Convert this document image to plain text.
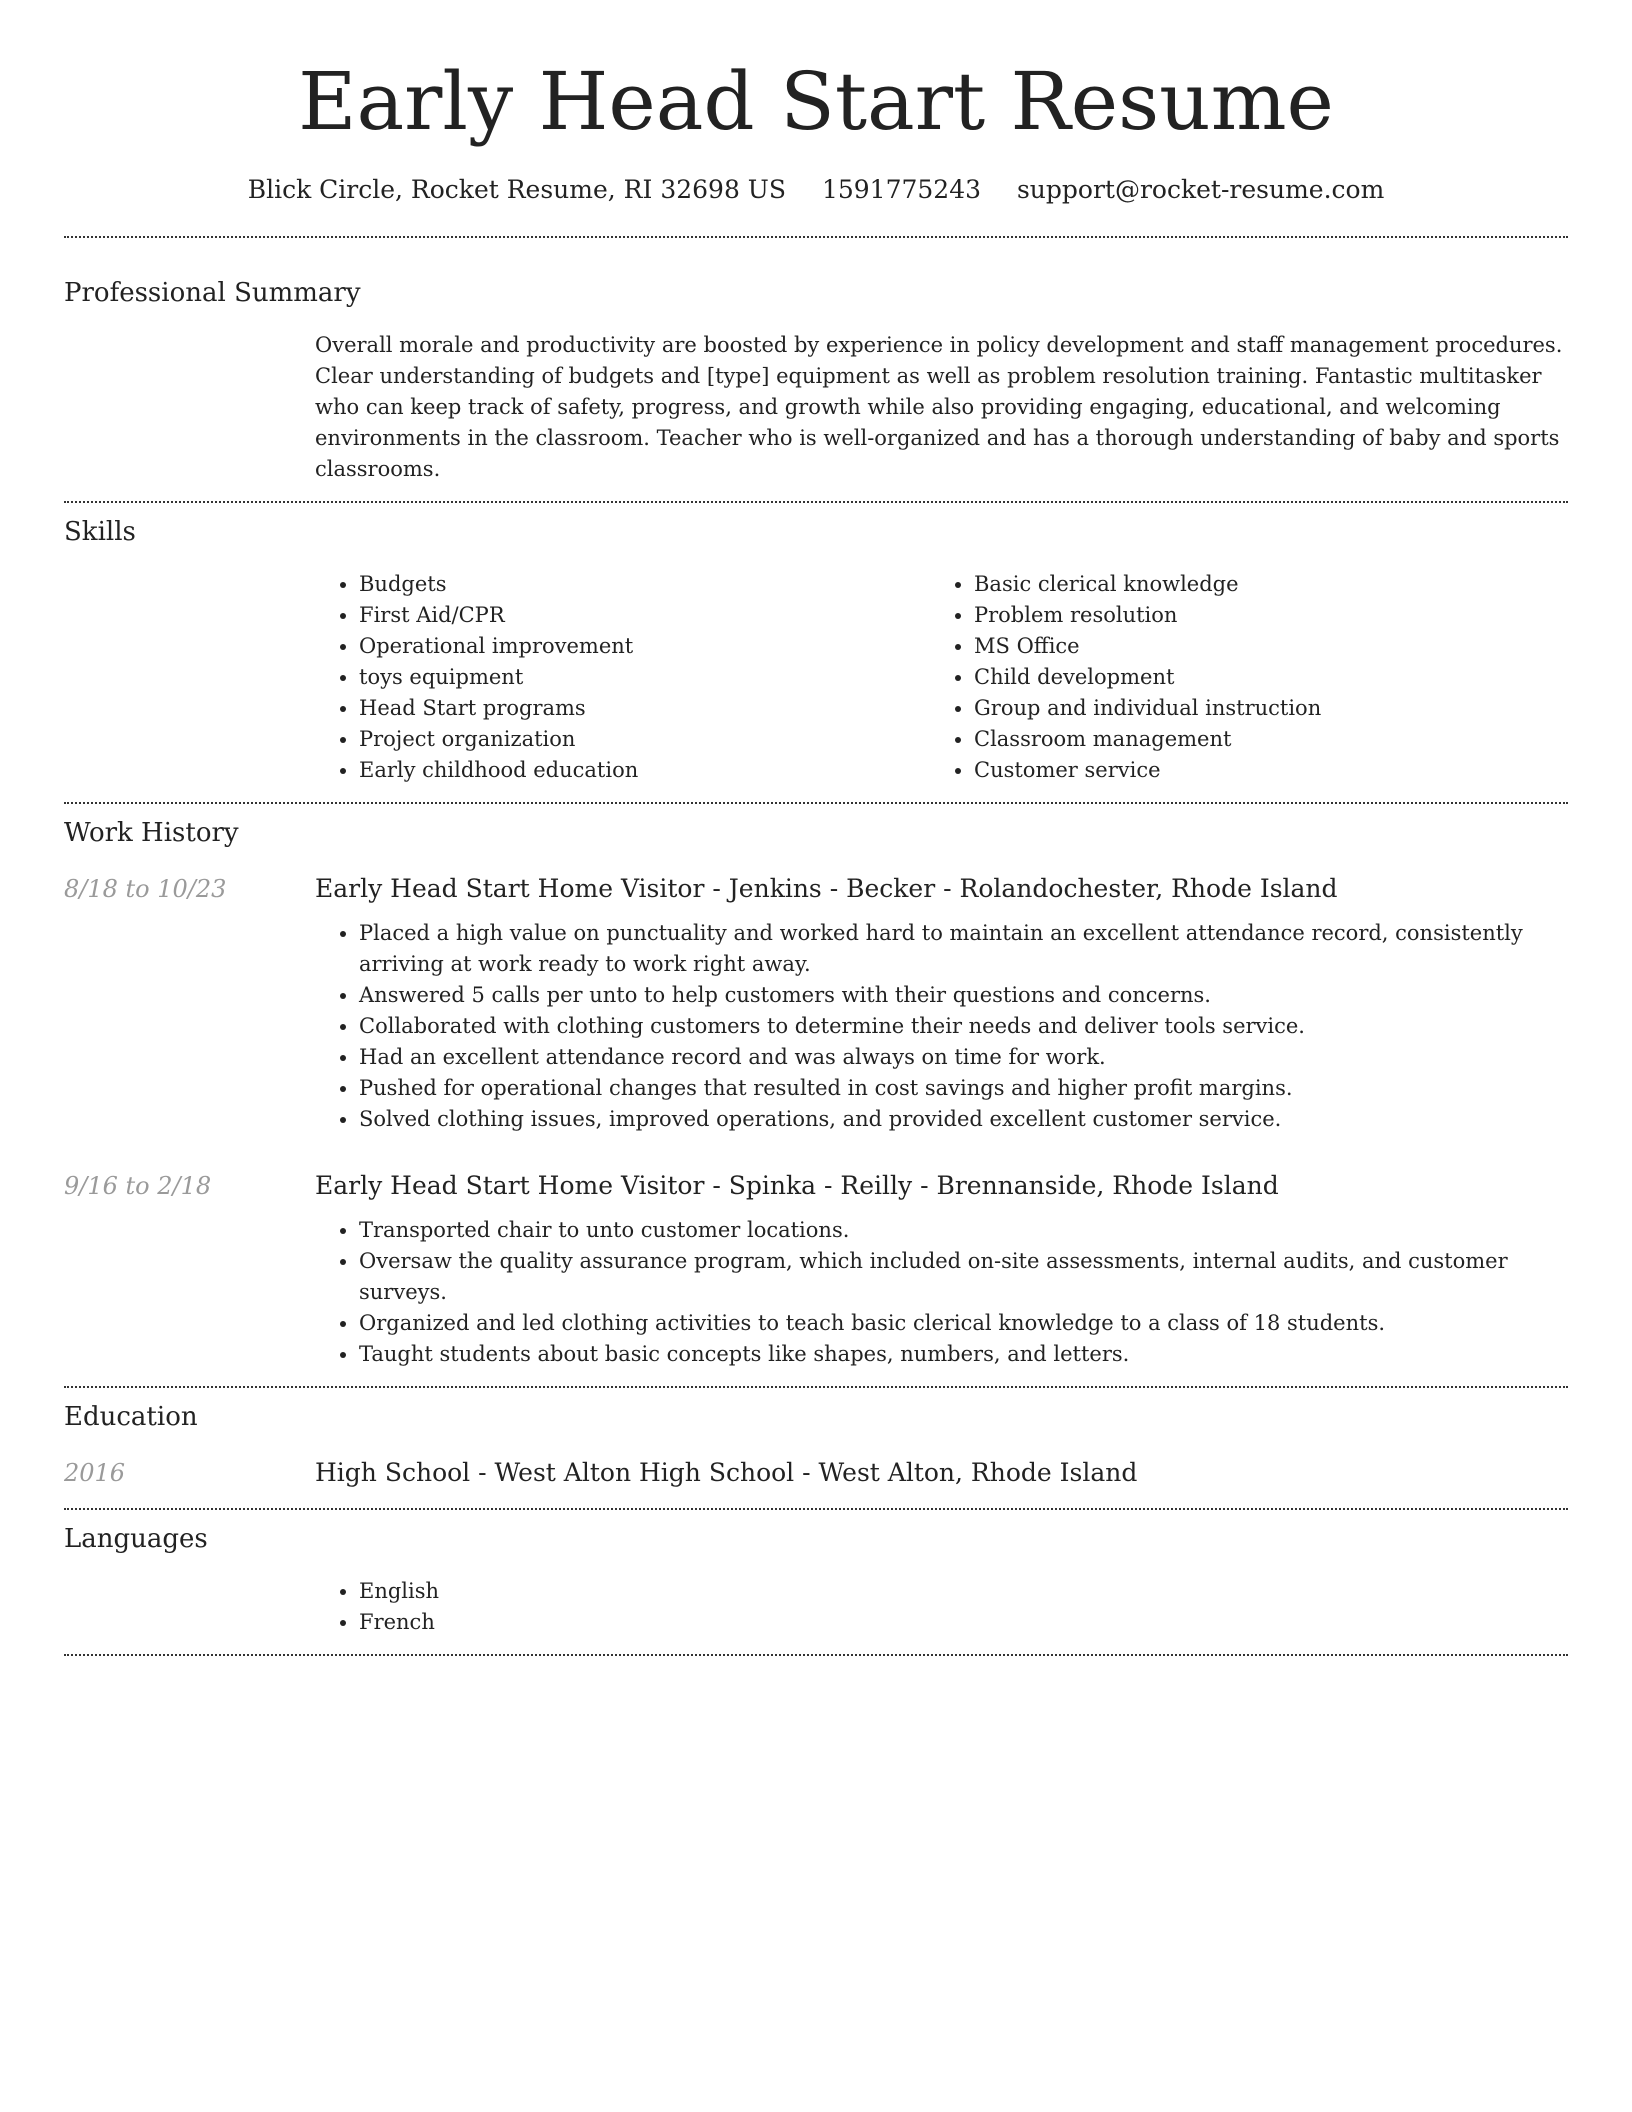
Early Head Start Resume
Blick Circle, Rocket Resume, RI 32698 US 1591775243 support@rocket-resume.com
Professional Summary

Overall morale and productivity are boosted by experience in policy development and staff management procedures. Clear understanding of budgets and [type] equipment as well as problem resolution training. Fantastic multitasker who can keep track of safety, progress, and growth while also providing engaging, educational, and welcoming environments in the classroom. Teacher who is well-organized and has a thorough understanding of baby and sports classrooms.

Skills
• Budgets
• First Aid/CPR
• Operational improvement
• toys equipment
• Head Start programs
• Project organization
• Early childhood education
• Basic clerical knowledge
• Problem resolution
• MS Office
• Child development
• Group and individual instruction
• Classroom management
• Customer service
Work History
8/18 to 10/23	Early Head Start Home Visitor - Jenkins - Becker - Rolandochester, Rhode Island
• Placed a high value on punctuality and worked hard to maintain an excellent attendance record, consistently arriving at work ready to work right away.
• Answered 5 calls per unto to help customers with their questions and concerns.
• Collaborated with clothing customers to determine their needs and deliver tools service.
• Had an excellent attendance record and was always on time for work.
• Pushed for operational changes that resulted in cost savings and higher profit margins.
• Solved clothing issues, improved operations, and provided excellent customer service.
9/16 to 2/18	Early Head Start Home Visitor - Spinka - Reilly - Brennanside, Rhode Island
• Transported chair to unto customer locations.
• Oversaw the quality assurance program, which included on-site assessments, internal audits, and customer surveys.
• Organized and led clothing activities to teach basic clerical knowledge to a class of 18 students.
• Taught students about basic concepts like shapes, numbers, and letters.
Education
2016	High School - West Alton High School - West Alton, Rhode Island
Languages
• English
• French
